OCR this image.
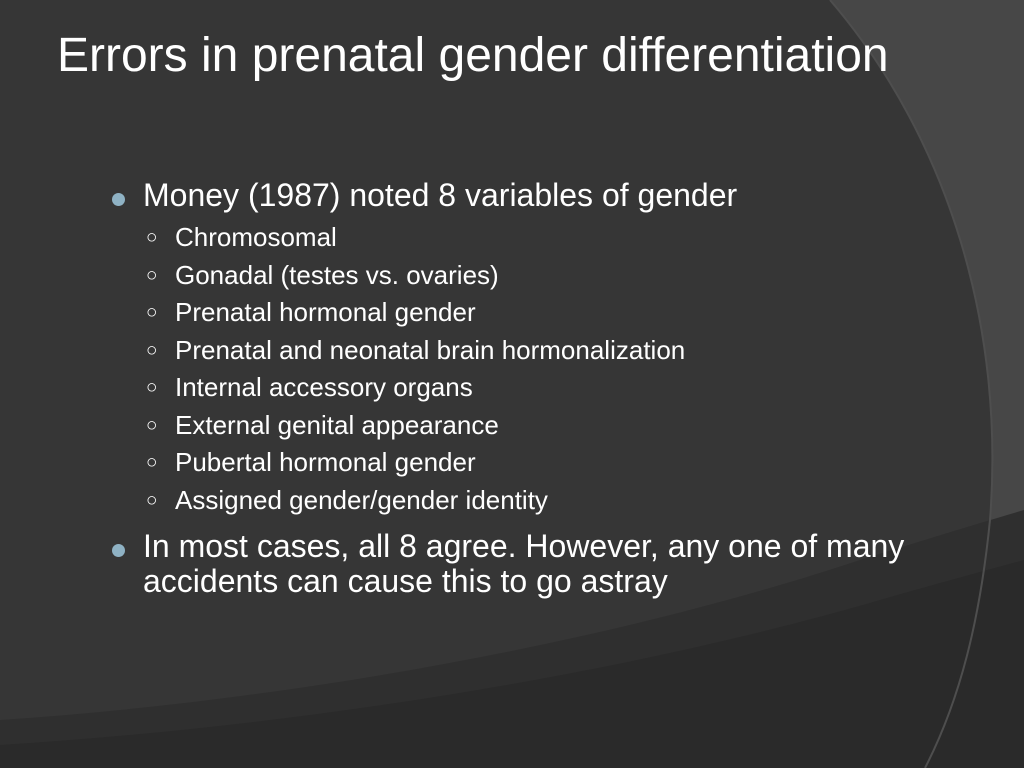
Errors in prenatal gender differentiation
Money (1987) noted 8 variables of gender
○ Chromosomal
○ Gonadal (testes vs. ovaries)
○ Prenatal hormonal gender
○ Prenatal and neonatal brain hormonalization
○ Internal accessory organs
○ External genital appearance
○ Pubertal hormonal gender
○ Assigned gender/gender identity
In most cases, all 8 agree. However, any one of many accidents can cause this to go astray
